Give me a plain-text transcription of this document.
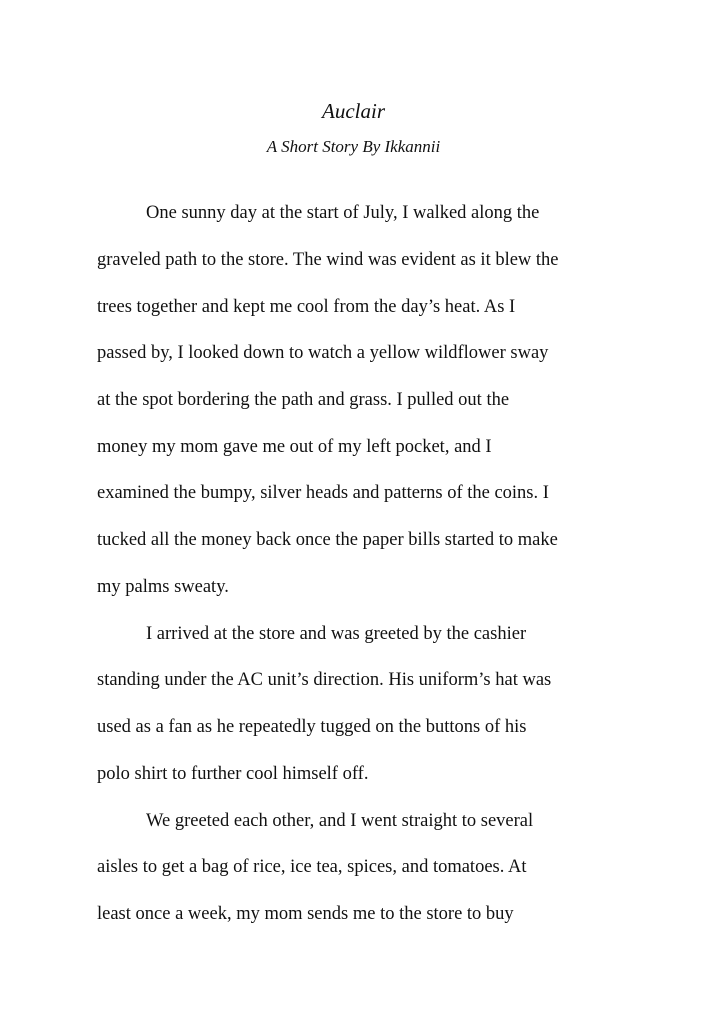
Auclair
A Short Story By Ikkannii
One sunny day at the start of July, I walked along the
graveled path to the store. The wind was evident as it blew the
trees together and kept me cool from the day’s heat. As I
passed by, I looked down to watch a yellow wildflower sway
at the spot bordering the path and grass. I pulled out the
money my mom gave me out of my left pocket, and I
examined the bumpy, silver heads and patterns of the coins. I
tucked all the money back once the paper bills started to make
my palms sweaty.
I arrived at the store and was greeted by the cashier
standing under the AC unit’s direction. His uniform’s hat was
used as a fan as he repeatedly tugged on the buttons of his
polo shirt to further cool himself off.
We greeted each other, and I went straight to several
aisles to get a bag of rice, ice tea, spices, and tomatoes. At
least once a week, my mom sends me to the store to buy
